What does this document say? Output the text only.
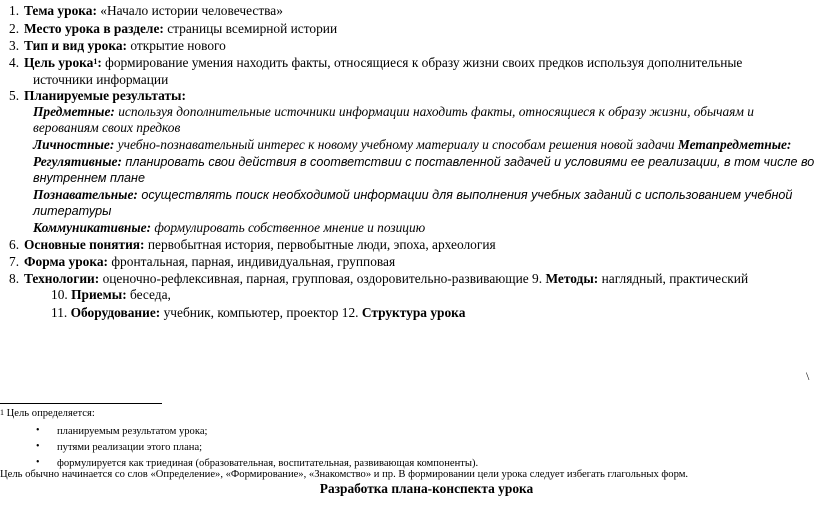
1. Тема урока: «Начало истории человечества»
2. Место урока в разделе: страницы всемирной истории
3. Тип и вид урока: открытие нового
4. Цель урока$^1$: формирование умения находить факты, относящиеся к образу жизни своих предков используя дополнительные
источники информации
5. Планируемые результаты:
Предметные: используя дополнительные источники информации находить факты, относящиеся к образу жизни, обычаям и
верованиям своих предков
Личностные: учебно-познавательный интерес к новому учебному материалу и способам решения новой задачи Метапредметные:
Регулятивные: планировать свои действия в соответствии с поставленной задачей и условиями ее реализации, в том числе во
внутреннем плане
Познавательные: осуществлять поиск необходимой информации для выполнения учебных заданий с использованием учебной
литературы
Коммуникативные: формулировать собственное мнение и позицию
6. Основные понятия: первобытная история, первобытные люди, эпоха, археология
7. Форма урока: фронтальная, парная, индивидуальная, групповая
8. Технологии: оценочно-рефлексивная, парная, групповая, оздоровительно-развивающие 9. Методы: наглядный, практический
10. Приемы: беседа,
11. Оборудование: учебник, компьютер, проектор 12. Структура урока
\
$^1$ Цель определяется:
• планируемым результатом урока;
• путями реализации этого плана;
• формулируется как триединая (образовательная, воспитательная, развивающая компоненты).
Цель обычно начинается со слов «Определение», «Формирование», «Знакомство» и пр. В формировании цели урока следует избегать глагольных форм.
Разработка плана-конспекта урока
